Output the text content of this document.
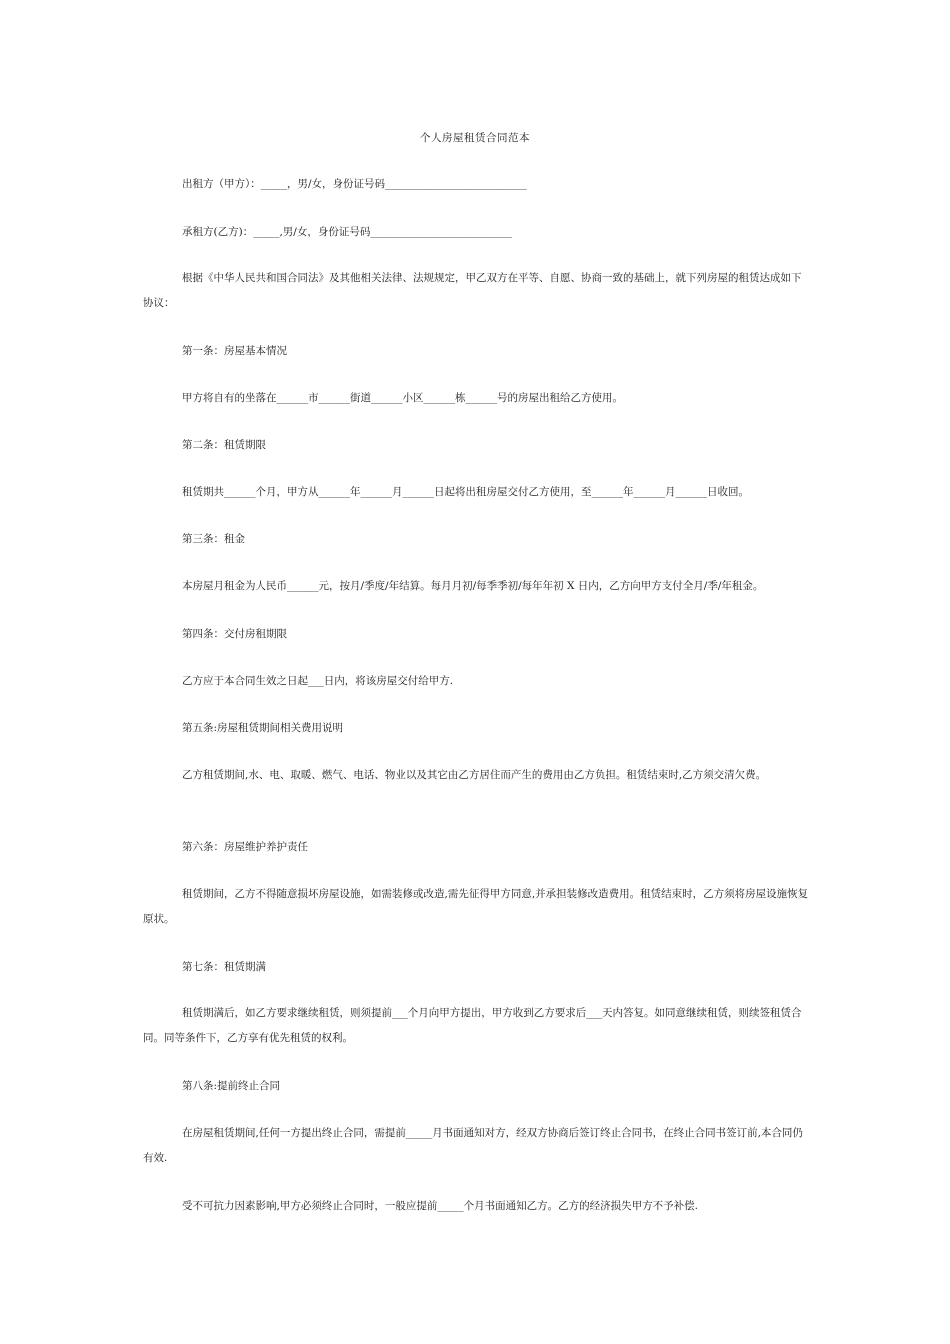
个人房屋租赁合同范本
出租方（甲方）：_____，男/女，身份证号码___________________________
承租方(乙方)：_____,男/女，身份证号码___________________________
根据《中华人民共和国合同法》及其他相关法律、法规规定，甲乙双方在平等、自愿、协商一致的基础上，就下列房屋的租赁达成如下协议：
第一条：房屋基本情况
甲方将自有的坐落在______市______街道______小区______栋______号的房屋出租给乙方使用。
第二条：租赁期限
租赁期共______个月，甲方从______年______月______日起将出租房屋交付乙方使用，至______年______月______日收回。
第三条：租金
本房屋月租金为人民币______元，按月/季度/年结算。每月月初/每季季初/每年年初 X 日内，乙方向甲方支付全月/季/年租金。
第四条：交付房租期限
乙方应于本合同生效之日起___日内，将该房屋交付给甲方.
第五条:房屋租赁期间相关费用说明
乙方租赁期间,水、电、取暖、燃气、电话、物业以及其它由乙方居住而产生的费用由乙方负担。租赁结束时,乙方须交清欠费。
第六条：房屋维护养护责任
租赁期间，乙方不得随意损坏房屋设施，如需装修或改造,需先征得甲方同意,并承担装修改造费用。租赁结束时，乙方须将房屋设施恢复原状。
第七条：租赁期满
租赁期满后，如乙方要求继续租赁，则须提前___个月向甲方提出，甲方收到乙方要求后___天内答复。如同意继续租赁，则续签租赁合同。同等条件下，乙方享有优先租赁的权利。
第八条:提前终止合同
在房屋租赁期间,任何一方提出终止合同，需提前_____月书面通知对方，经双方协商后签订终止合同书，在终止合同书签订前,本合同仍有效.
受不可抗力因素影响,甲方必须终止合同时，一般应提前_____个月书面通知乙方。乙方的经济损失甲方不予补偿.
